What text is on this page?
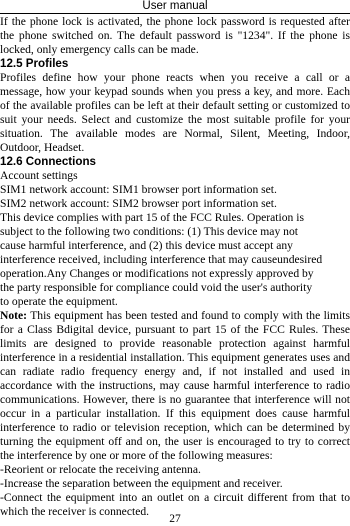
User manual

If the phone lock is activated, the phone lock password is requested after the phone switched on. The default password is "1234". If the phone is locked, only emergency calls can be made.

12.5 Profiles

Profiles define how your phone reacts when you receive a call or a message, how your keypad sounds when you press a key, and more. Each of the available profiles can be left at their default setting or customized to suit your needs. Select and customize the most suitable profile for your situation. The available modes are Normal, Silent, Meeting, Indoor, Outdoor, Headset.

12.6 Connections

Account settings

SIM1 network account: SIM1 browser port information set.

SIM2 network account: SIM2 browser port information set.

This device complies with part 15 of the FCC Rules. Operation is

subject to the following two conditions: (1) This device may not

cause harmful interference, and (2) this device must accept any

interference received, including interference that may causeundesired

operation.Any Changes or modifications not expressly approved by

the party responsible for compliance could void the user's authority

to operate the equipment.

Note: This equipment has been tested and found to comply with the limits for a Class Bdigital device, pursuant to part 15 of the FCC Rules. These limits are designed to provide reasonable protection against harmful interference in a residential installation. This equipment generates uses and can radiate radio frequency energy and, if not installed and used in accordance with the instructions, may cause harmful interference to radio communications. However, there is no guarantee that interference will not occur in a particular installation. If this equipment does cause harmful interference to radio or television reception, which can be determined by turning the equipment off and on, the user is encouraged to try to correct the interference by one or more of the following measures:

-Reorient or relocate the receiving antenna.

-Increase the separation between the equipment and receiver.

-Connect the equipment into an outlet on a circuit different from that to which the receiver is connected.

27
